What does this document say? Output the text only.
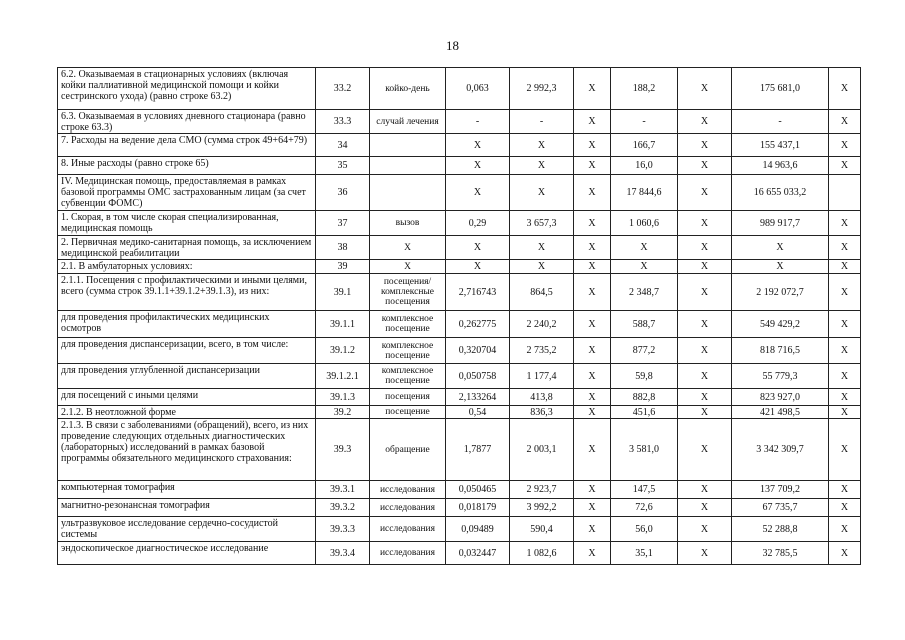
18
6.2. Оказываемая в стационарных условиях (включая койки паллиативной медицинской помощи и койки сестринского ухода) (равно строке 63.2)	33.2	койко-день	0,063	2 992,3	X	188,2	X	175 681,0	X
6.3. Оказываемая в условиях дневного стационара (равно строке 63.3)	33.3	случай лечения	-	-	X	-	X	-	X
7. Расходы на ведение дела СМО (сумма строк 49+64+79)	34		X	X	X	166,7	X	155 437,1	X
8. Иные расходы (равно строке 65)	35		X	X	X	16,0	X	14 963,6	X
IV. Медицинская помощь, предоставляемая в рамках базовой программы ОМС застрахованным лицам (за счет субвенции ФОМС)	36		X	X	X	17 844,6	X	16 655 033,2	
1. Скорая, в том числе скорая специализированная, медицинская помощь	37	вызов	0,29	3 657,3	X	1 060,6	X	989 917,7	X
2. Первичная медико-санитарная помощь, за исключением медицинской реабилитации	38	X	X	X	X	X	X	X	X
2.1. В амбулаторных условиях:	39	X	X	X	X	X	X	X	X
2.1.1. Посещения с профилактическими и иными целями, всего (сумма строк 39.1.1+39.1.2+39.1.3), из них:	39.1	посещения/ комплексные посещения	2,716743	864,5	X	2 348,7	X	2 192 072,7	X
для проведения профилактических медицинских осмотров	39.1.1	комплексное посещение	0,262775	2 240,2	X	588,7	X	549 429,2	X
для проведения диспансеризации, всего, в том числе:	39.1.2	комплексное посещение	0,320704	2 735,2	X	877,2	X	818 716,5	X
для проведения углубленной диспансеризации	39.1.2.1	комплексное посещение	0,050758	1 177,4	X	59,8	X	55 779,3	X
для посещений с иными целями	39.1.3	посещения	2,133264	413,8	X	882,8	X	823 927,0	X
2.1.2. В неотложной форме	39.2	посещение	0,54	836,3	X	451,6	X	421 498,5	X
2.1.3. В связи с заболеваниями (обращений), всего, из них проведение следующих отдельных диагностических (лабораторных) исследований в рамках базовой программы обязательного медицинского страхования:	39.3	обращение	1,7877	2 003,1	X	3 581,0	X	3 342 309,7	X
компьютерная томография	39.3.1	исследования	0,050465	2 923,7	X	147,5	X	137 709,2	X
магнитно-резонансная томография	39.3.2	исследования	0,018179	3 992,2	X	72,6	X	67 735,7	X
ультразвуковое исследование сердечно-сосудистой системы	39.3.3	исследования	0,09489	590,4	X	56,0	X	52 288,8	X
эндоскопическое диагностическое исследование	39.3.4	исследования	0,032447	1 082,6	X	35,1	X	32 785,5	X
